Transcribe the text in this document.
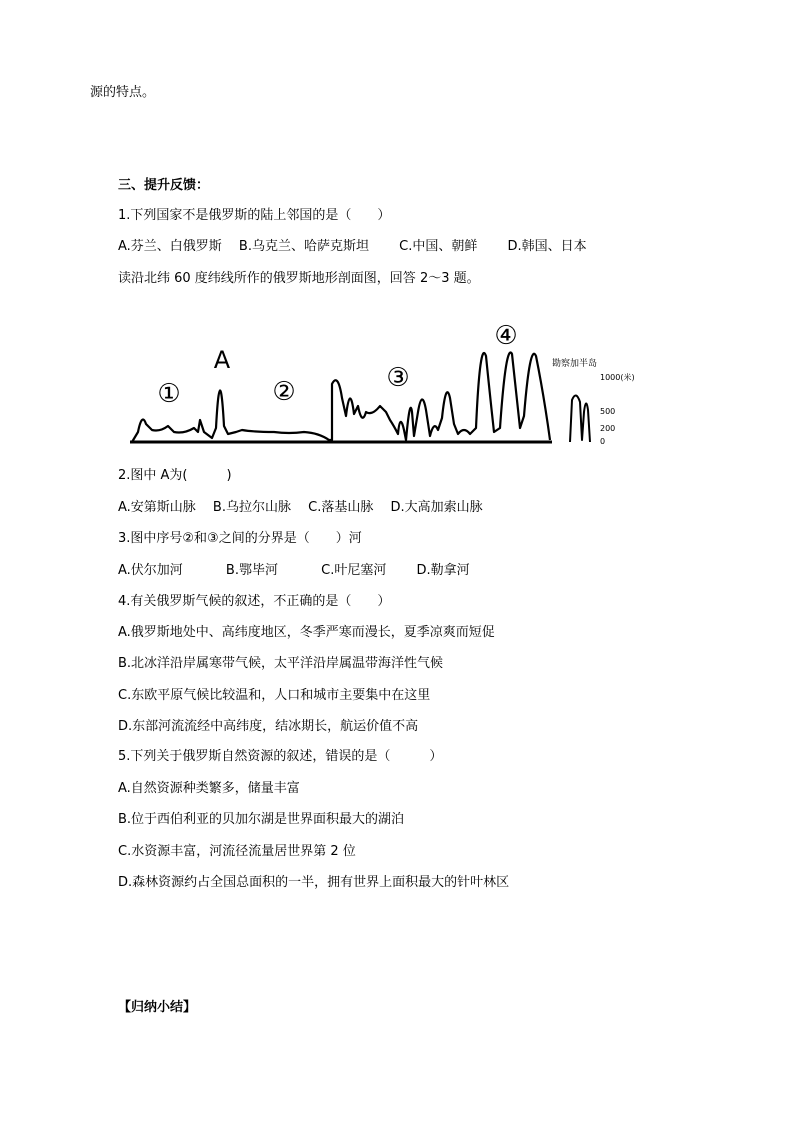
源的特点。
三、提升反馈：
1.下列国家不是俄罗斯的陆上邻国的是（　　）
A.芬兰、白俄罗斯　 B.乌克兰、哈萨克斯坦　　 C.中国、朝鲜　　 D.韩国、日本
读沿北纬 60 度纬线所作的俄罗斯地形剖面图，回答 2～3 题。
①
A
②	③
④
勘察加半岛
1000(米)
500
200
0
2.图中 A为(　　　)
A.安第斯山脉　 B.乌拉尔山脉　 C.落基山脉　 D.大高加索山脉
3.图中序号②和③之间的分界是（　　）河
A.伏尔加河　　　 B.鄂毕河　　　 C.叶尼塞河　　 D.勒拿河
4.有关俄罗斯气候的叙述，不正确的是（　　）
A.俄罗斯地处中、高纬度地区，冬季严寒而漫长，夏季凉爽而短促
B.北冰洋沿岸属寒带气候，太平洋沿岸属温带海洋性气候
C.东欧平原气候比较温和，人口和城市主要集中在这里
D.东部河流流经中高纬度，结冰期长，航运价值不高
5.下列关于俄罗斯自然资源的叙述，错误的是（　　　）
A.自然资源种类繁多，储量丰富
B.位于西伯利亚的贝加尔湖是世界面积最大的湖泊
C.水资源丰富，河流径流量居世界第 2 位
D.森林资源约占全国总面积的一半，拥有世界上面积最大的针叶林区
【归纳小结】
